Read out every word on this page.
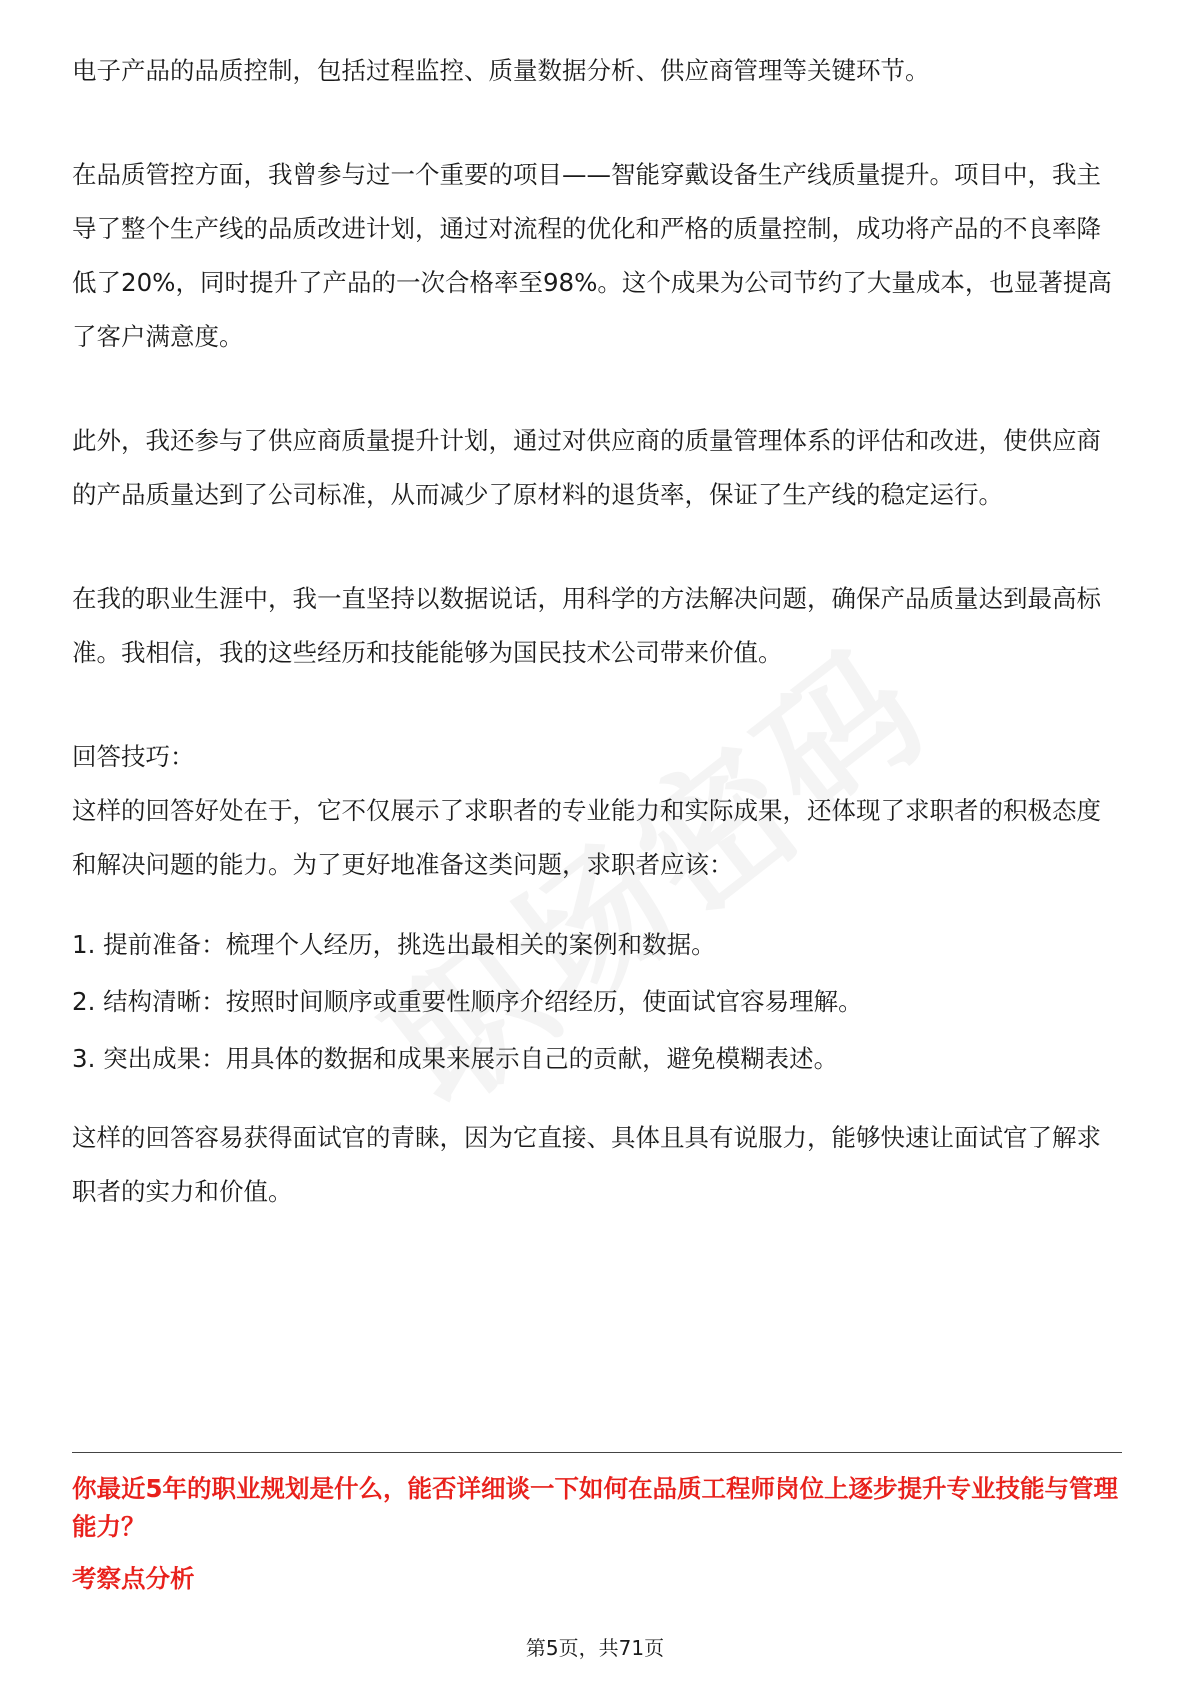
电子产品的品质控制，包括过程监控、质量数据分析、供应商管理等关键环节。

在品质管控方面，我曾参与过一个重要的项目——智能穿戴设备生产线质量提升。项目中，我主导了整个生产线的品质改进计划，通过对流程的优化和严格的质量控制，成功将产品的不良率降低了20%，同时提升了产品的一次合格率至98%。这个成果为公司节约了大量成本，也显著提高了客户满意度。

此外，我还参与了供应商质量提升计划，通过对供应商的质量管理体系的评估和改进，使供应商的产品质量达到了公司标准，从而减少了原材料的退货率，保证了生产线的稳定运行。

在我的职业生涯中，我一直坚持以数据说话，用科学的方法解决问题，确保产品质量达到最高标准。我相信，我的这些经历和技能能够为国民技术公司带来价值。

回答技巧：

这样的回答好处在于，它不仅展示了求职者的专业能力和实际成果，还体现了求职者的积极态度和解决问题的能力。为了更好地准备这类问题，求职者应该：

1. 提前准备：梳理个人经历，挑选出最相关的案例和数据。

2. 结构清晰：按照时间顺序或重要性顺序介绍经历，使面试官容易理解。

3. 突出成果：用具体的数据和成果来展示自己的贡献，避免模糊表述。

这样的回答容易获得面试官的青睐，因为它直接、具体且具有说服力，能够快速让面试官了解求职者的实力和价值。

你最近5年的职业规划是什么，能否详细谈一下如何在品质工程师岗位上逐步提升专业技能与管理能力？

考察点分析

第5页，共71页
